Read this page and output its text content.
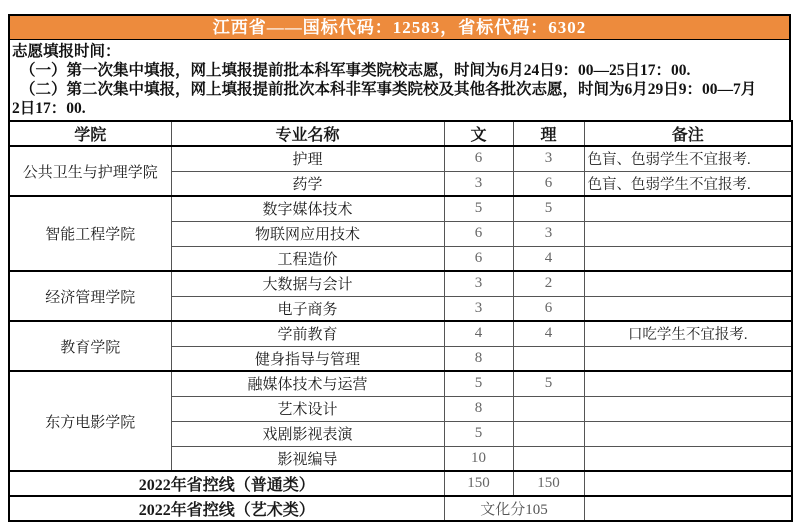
江西省——国标代码：12583，省标代码：6302
志愿填报时间：
（一）第一次集中填报，网上填报提前批本科军事类院校志愿，时间为6月24日9：00—25日17：00.
（二）第二次集中填报，网上填报提前批次本科非军事类院校及其他各批次志愿，时间为6月29日9：00—7月
2日17：00.
学院	专业名称	文	理	备注
公共卫生与护理学院	护理	6	3	色盲、色弱学生不宜报考.
	药学	3	6	色盲、色弱学生不宜报考.
智能工程学院	数字媒体技术	5	5	
	物联网应用技术	6	3	
	工程造价	6	4	
经济管理学院	大数据与会计	3	2	
	电子商务	3	6	
教育学院	学前教育	4	4	口吃学生不宜报考.
	健身指导与管理	8		
东方电影学院	融媒体技术与运营	5	5	
	艺术设计	8		
	戏剧影视表演	5		
	影视编导	10		
2022年省控线（普通类）		150	150	
2022年省控线（艺术类）		文化分105		
